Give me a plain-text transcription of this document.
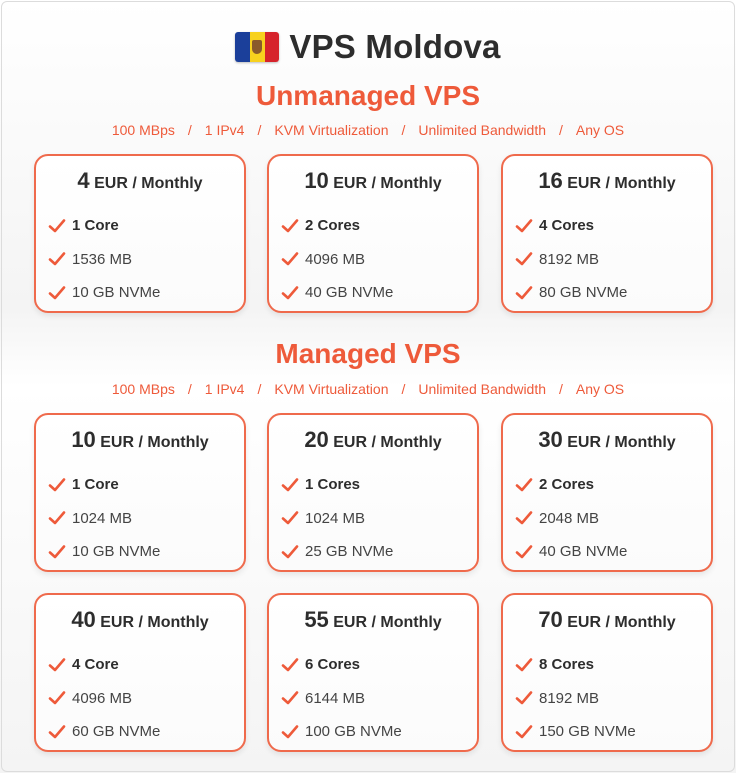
VPS Moldova
Unmanaged VPS
100 MBps / 1 IPv4 / KVM Virtualization / Unlimited Bandwidth / Any OS
Managed VPS
100 MBps / 1 IPv4 / KVM Virtualization / Unlimited Bandwidth / Any OS
4 EUR / Monthly
1 Core
1536 MB
10 GB NVMe
10 EUR / Monthly
2 Cores
4096 MB
40 GB NVMe
16 EUR / Monthly
4 Cores
8192 MB
80 GB NVMe
10 EUR / Monthly
1 Core
1024 MB
10 GB NVMe
20 EUR / Monthly
1 Cores
1024 MB
25 GB NVMe
30 EUR / Monthly
2 Cores
2048 MB
40 GB NVMe
40 EUR / Monthly
4 Core
4096 MB
60 GB NVMe
55 EUR / Monthly
6 Cores
6144 MB
100 GB NVMe
70 EUR / Monthly
8 Cores
8192 MB
150 GB NVMe
